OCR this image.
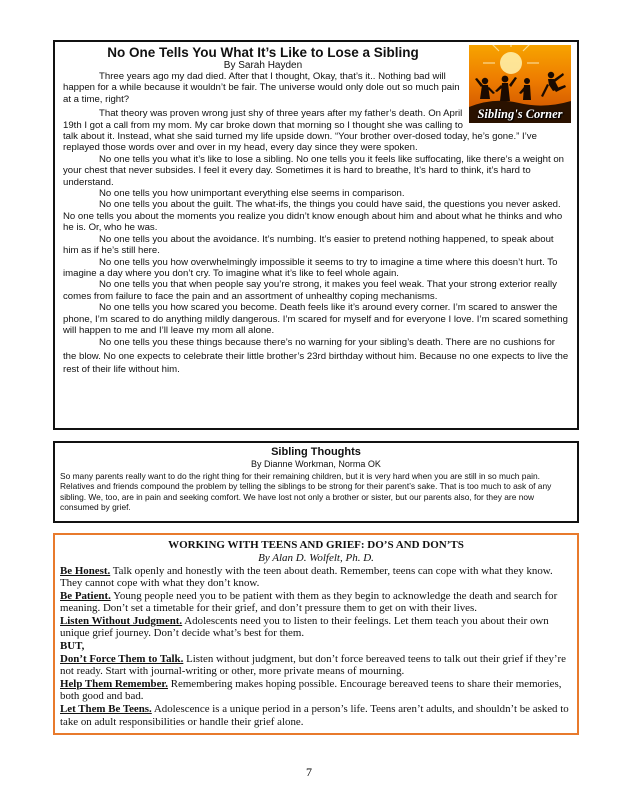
Sibling's Corner
No One Tells You What It’s Like to Lose a Sibling
By Sarah Hayden

Three years ago my dad died. After that I thought, Okay, that’s it.. Nothing bad will happen for a while because it wouldn’t be fair. The universe would only dole out so much pain at a time, right?

That theory was proven wrong just shy of three years after my father’s death. On April 19th I got a call from my mom. My car broke down that morning so I thought she was calling to talk about it. Instead, what she said turned my life upside down. “Your brother over-dosed today, he’s gone.” I’ve replayed those words over and over in my head, every day since they were spoken.

No one tells you what it’s like to lose a sibling. No one tells you it feels like suffocating, like there’s a weight on your chest that never subsides. I feel it every day. Sometimes it is hard to breathe, It’s hard to think, it’s hard to understand.

No one tells you how unimportant everything else seems in comparison.

No one tells you about the guilt. The what-ifs, the things you could have said, the questions you never asked. No one tells you about the moments you realize you didn’t know enough about him and about what he thinks and who he is. Or, who he was.

No one tells you about the avoidance. It’s numbing. It’s easier to pretend nothing happened, to speak about him as if he’s still here.

No one tells you how overwhelmingly impossible it seems to try to imagine a time where this doesn’t hurt. To imagine a day where you don’t cry. To imagine what it’s like to feel whole again.

No one tells you that when people say you’re strong, it makes you feel weak. That your strong exterior really comes from failure to face the pain and an assortment of unhealthy coping mechanisms.

No one tells you how scared you become. Death feels like it’s around every corner. I’m scared to answer the phone, I’m scared to do anything mildly dangerous. I’m scared for myself and for everyone I love. I’m scared something will happen to me and I’ll leave my mom all alone.

No one tells you these things because there’s no warning for your sibling’s death. There are no cushions for the blow. No one expects to celebrate their little brother’s 23rd birthday without him. Because no one expects to live the rest of their life without him.

Sibling Thoughts
By Dianne Workman, Norma OK

So many parents really want to do the right thing for their remaining children, but it is very hard when you are still in so much pain. Relatives and friends compound the problem by telling the siblings to be strong for their parent’s sake. That is too much to ask of any sibling. We, too, are in pain and seeking comfort. We have lost not only a brother or sister, but our parents also, for they are now consumed by grief.

WORKING WITH TEENS AND GRIEF: DO’S AND DON’TS
By Alan D. Wolfelt, Ph. D.

Be Honest. Talk openly and honestly with the teen about death. Remember, teens can cope with what they know. They cannot cope with what they don’t know.

Be Patient. Young people need you to be patient with them as they begin to acknowledge the death and search for meaning. Don’t set a timetable for their grief, and don’t pressure them to get on with their lives.

Listen Without Judgment. Adolescents need you to listen to their feelings. Let them teach you about their own unique grief journey. Don’t decide what’s best for them.

BUT,

Don’t Force Them to Talk. Listen without judgment, but don’t force bereaved teens to talk out their grief if they’re not ready. Start with journal-writing or other, more private means of mourning.

Help Them Remember. Remembering makes hoping possible. Encourage bereaved teens to share their memories, both good and bad.

Let Them Be Teens. Adolescence is a unique period in a person’s life. Teens aren’t adults, and shouldn’t be asked to take on adult responsibilities or handle their grief alone.

7
